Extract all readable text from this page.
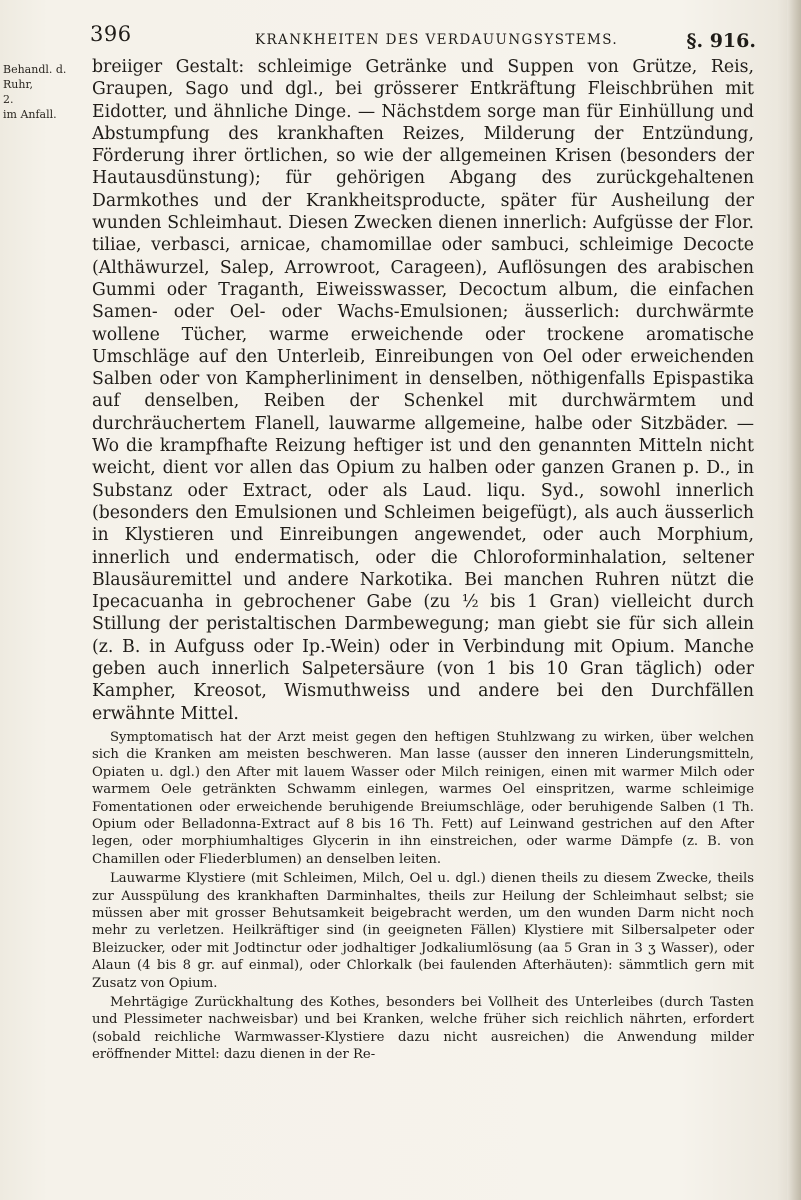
396	KRANKHEITEN DES VERDAUUNGSYSTEMS.	§. 916.
Behandl. d.
Ruhr,
2.
im Anfall.

breiiger Gestalt: schleimige Getränke und Suppen von Grütze, Reis, Graupen, Sago und dgl., bei grösserer Entkräftung Fleischbrühen mit Eidotter, und ähnliche Dinge. — Nächstdem sorge man für Einhüllung und Abstumpfung des krankhaften Reizes, Milderung der Entzündung, Förderung ihrer örtlichen, so wie der allgemeinen Krisen (besonders der Hautausdünstung); für gehörigen Abgang des zurückgehaltenen Darmkothes und der Krankheitsproducte, später für Ausheilung der wunden Schleimhaut. Diesen Zwecken dienen innerlich: Aufgüsse der Flor. tiliae, verbasci, arnicae, chamomillae oder sambuci, schleimige Decocte (Althäwurzel, Salep, Arrowroot, Carageen), Auflösungen des arabischen Gummi oder Traganth, Eiweisswasser, Decoctum album, die einfachen Samen- oder Oel- oder Wachs-Emulsionen; äusserlich: durchwärmte wollene Tücher, warme erweichende oder trockene aromatische Umschläge auf den Unterleib, Einreibungen von Oel oder erweichenden Salben oder von Kampherliniment in denselben, nöthigenfalls Epispastika auf denselben, Reiben der Schenkel mit durchwärmtem und durchräuchertem Flanell, lauwarme allgemeine, halbe oder Sitzbäder. — Wo die krampfhafte Reizung heftiger ist und den genannten Mitteln nicht weicht, dient vor allen das Opium zu halben oder ganzen Granen p. D., in Substanz oder Extract, oder als Laud. liqu. Syd., sowohl innerlich (besonders den Emulsionen und Schleimen beigefügt), als auch äusserlich in Klystieren und Einreibungen angewendet, oder auch Morphium, innerlich und endermatisch, oder die Chloroforminhalation, seltener Blausäuremittel und andere Narkotika. Bei manchen Ruhren nützt die Ipecacuanha in gebrochener Gabe (zu ½ bis 1 Gran) vielleicht durch Stillung der peristaltischen Darmbewegung; man giebt sie für sich allein (z. B. in Aufguss oder Ip.-Wein) oder in Verbindung mit Opium. Manche geben auch innerlich Salpetersäure (von 1 bis 10 Gran täglich) oder Kampher, Kreosot, Wismuthweiss und andere bei den Durchfällen erwähnte Mittel.

Symptomatisch hat der Arzt meist gegen den heftigen Stuhlzwang zu wirken, über welchen sich die Kranken am meisten beschweren. Man lasse (ausser den inneren Linderungsmitteln, Opiaten u. dgl.) den After mit lauem Wasser oder Milch reinigen, einen mit warmer Milch oder warmem Oele getränkten Schwamm einlegen, warmes Oel einspritzen, warme schleimige Fomentationen oder erweichende beruhigende Breiumschläge, oder beruhigende Salben (1 Th. Opium oder Belladonna-Extract auf 8 bis 16 Th. Fett) auf Leinwand gestrichen auf den After legen, oder morphiumhaltiges Glycerin in ihn einstreichen, oder warme Dämpfe (z. B. von Chamillen oder Fliederblumen) an denselben leiten.

Lauwarme Klystiere (mit Schleimen, Milch, Oel u. dgl.) dienen theils zu diesem Zwecke, theils zur Ausspülung des krankhaften Darminhaltes, theils zur Heilung der Schleimhaut selbst; sie müssen aber mit grosser Behutsamkeit beigebracht werden, um den wunden Darm nicht noch mehr zu verletzen. Heilkräftiger sind (in geeigneten Fällen) Klystiere mit Silbersalpeter oder Bleizucker, oder mit Jodtinctur oder jodhaltiger Jodkaliumlösung (aa 5 Gran in 3 ʒ Wasser), oder Alaun (4 bis 8 gr. auf einmal), oder Chlorkalk (bei faulenden Afterhäuten): sämmtlich gern mit Zusatz von Opium.

Mehrtägige Zurückhaltung des Kothes, besonders bei Vollheit des Unterleibes (durch Tasten und Plessimeter nachweisbar) und bei Kranken, welche früher sich reichlich nährten, erfordert (sobald reichliche Warmwasser-Klystiere dazu nicht ausreichen) die Anwendung milder eröffnender Mittel: dazu dienen in der Re-
